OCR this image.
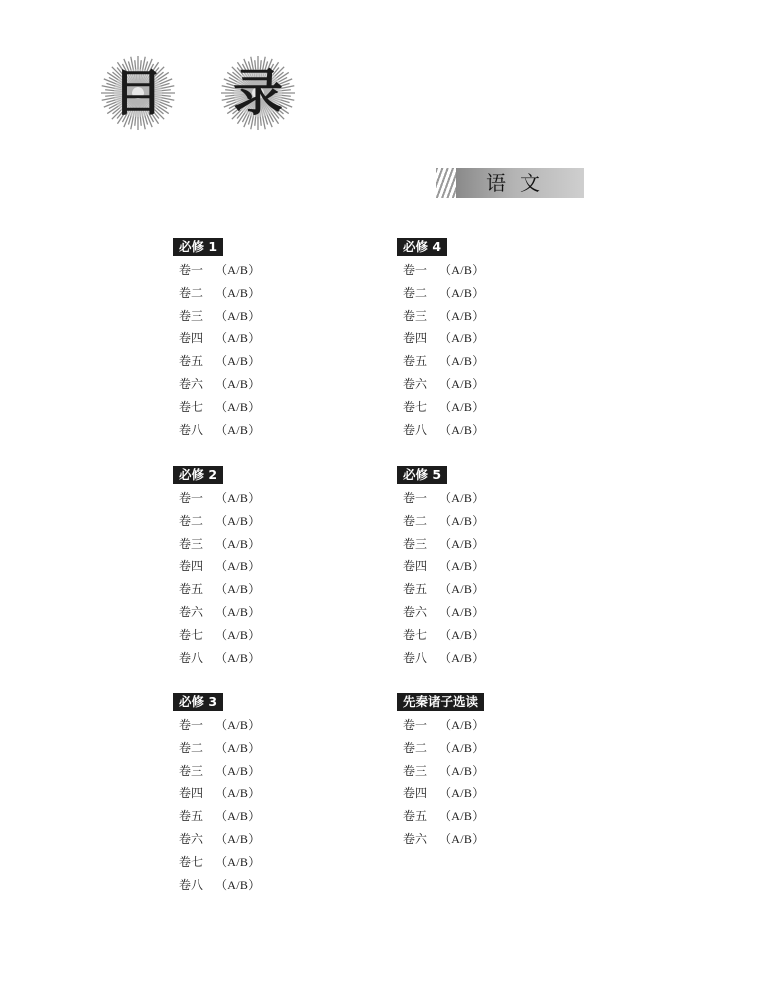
目 录
语文
必修 1
卷一 （A/B）
卷二 （A/B）
卷三 （A/B）
卷四 （A/B）
卷五 （A/B）
卷六 （A/B）
卷七 （A/B）
卷八 （A/B）
必修 2
卷一 （A/B）
卷二 （A/B）
卷三 （A/B）
卷四 （A/B）
卷五 （A/B）
卷六 （A/B）
卷七 （A/B）
卷八 （A/B）
必修 3
卷一 （A/B）
卷二 （A/B）
卷三 （A/B）
卷四 （A/B）
卷五 （A/B）
卷六 （A/B）
卷七 （A/B）
卷八 （A/B）
必修 4
卷一 （A/B）
卷二 （A/B）
卷三 （A/B）
卷四 （A/B）
卷五 （A/B）
卷六 （A/B）
卷七 （A/B）
卷八 （A/B）
必修 5
卷一 （A/B）
卷二 （A/B）
卷三 （A/B）
卷四 （A/B）
卷五 （A/B）
卷六 （A/B）
卷七 （A/B）
卷八 （A/B）
先秦诸子选读
卷一 （A/B）
卷二 （A/B）
卷三 （A/B）
卷四 （A/B）
卷五 （A/B）
卷六 （A/B）
